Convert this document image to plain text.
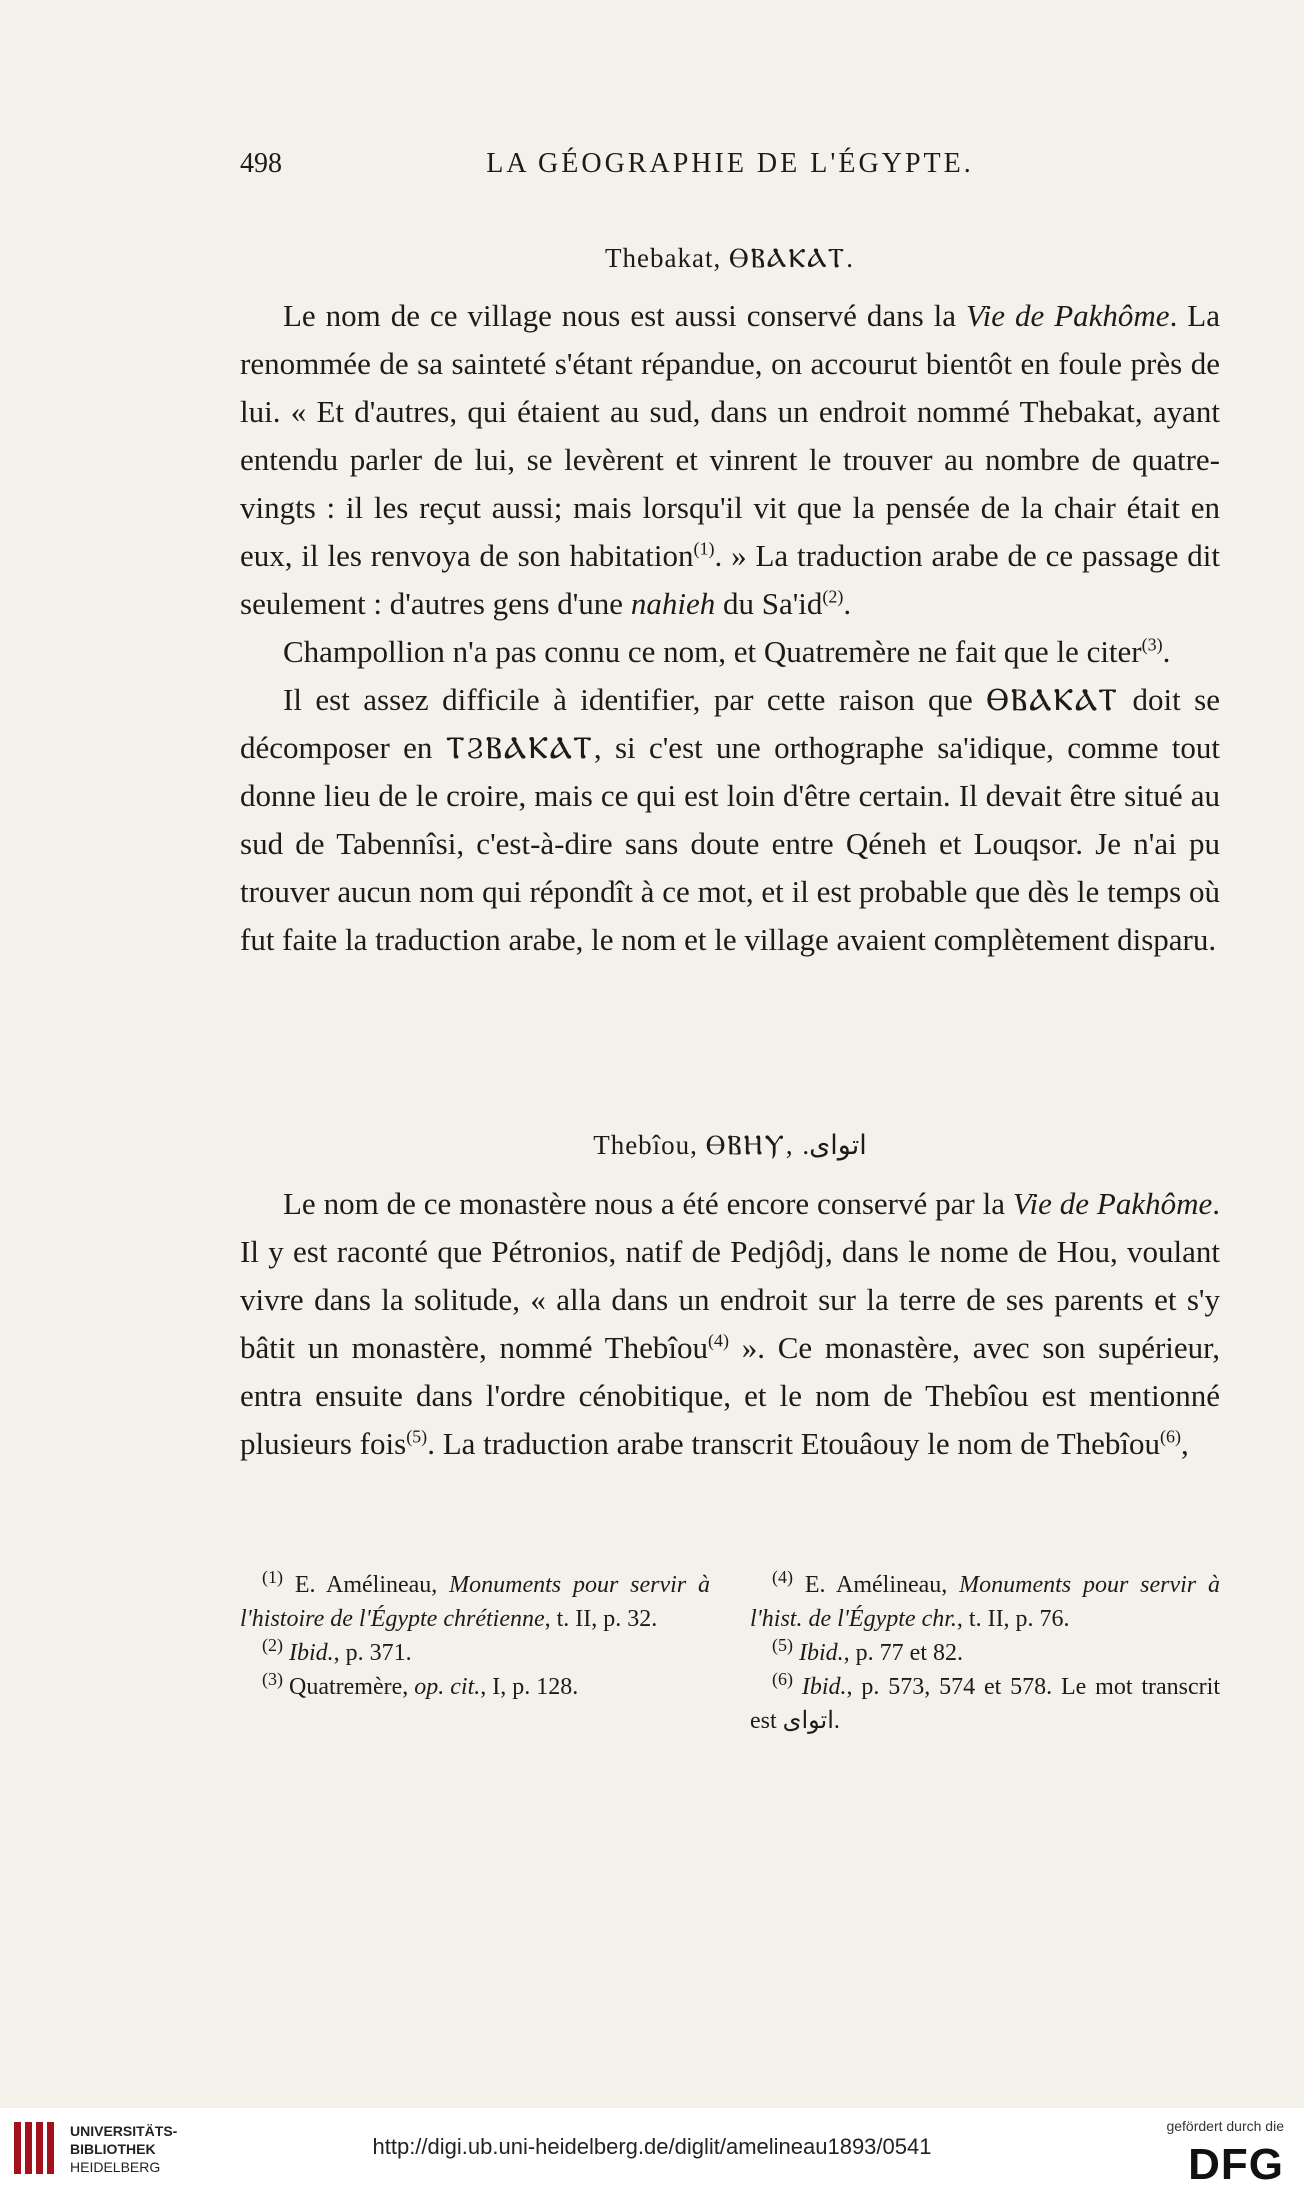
498	LA GÉOGRAPHIE DE L'ÉGYPTE.
Thebakat, ⲐⲂⲀⲔⲀⲦ.

Le nom de ce village nous est aussi conservé dans la Vie de Pakhôme. La renommée de sa sainteté s'étant répandue, on accourut bientôt en foule près de lui. « Et d'autres, qui étaient au sud, dans un endroit nommé Thebakat, ayant entendu parler de lui, se levèrent et vinrent le trouver au nombre de quatre-vingts : il les reçut aussi; mais lorsqu'il vit que la pensée de la chair était en eux, il les renvoya de son habitation$^{(1)}$. » La traduction arabe de ce passage dit seulement : d'autres gens d'une nahieh du Sa'id$^{(2)}$.

Champollion n'a pas connu ce nom, et Quatremère ne fait que le citer$^{(3)}$.

Il est assez difficile à identifier, par cette raison que ⲐⲂⲀⲔⲀⲦ doit se décomposer en ⲦϨⲂⲀⲔⲀⲦ, si c'est une orthographe sa'idique, comme tout donne lieu de le croire, mais ce qui est loin d'être certain. Il devait être situé au sud de Tabennîsi, c'est-à-dire sans doute entre Qéneh et Louqsor. Je n'ai pu trouver aucun nom qui répondît à ce mot, et il est probable que dès le temps où fut faite la traduction arabe, le nom et le village avaient complètement disparu.

Thebîou, ⲐⲂⲎⲨ, اتواى.

Le nom de ce monastère nous a été encore conservé par la Vie de Pakhôme. Il y est raconté que Pétronios, natif de Pedjôdj, dans le nome de Hou, voulant vivre dans la solitude, « alla dans un endroit sur la terre de ses parents et s'y bâtit un monastère, nommé Thebîou$^{(4)}$ ». Ce monastère, avec son supérieur, entra ensuite dans l'ordre cénobitique, et le nom de Thebîou est mentionné plusieurs fois$^{(5)}$. La traduction arabe transcrit Etouâouy le nom de Thebîou$^{(6)}$,

$^{(1)}$ E. Amélineau, Monuments pour servir à l'histoire de l'Égypte chrétienne, t. II, p. 32.

$^{(2)}$ Ibid., p. 371.

$^{(3)}$ Quatremère, op. cit., I, p. 128.

$^{(4)}$ E. Amélineau, Monuments pour servir à l'hist. de l'Égypte chr., t. II, p. 76.

$^{(5)}$ Ibid., p. 77 et 82.

$^{(6)}$ Ibid., p. 573, 574 et 578. Le mot transcrit est اتواى.

UNIVERSITÄTS-
BIBLIOTHEK
HEIDELBERG
http://digi.ub.uni-heidelberg.de/diglit/amelineau1893/0541
gefördert durch die
DFG
